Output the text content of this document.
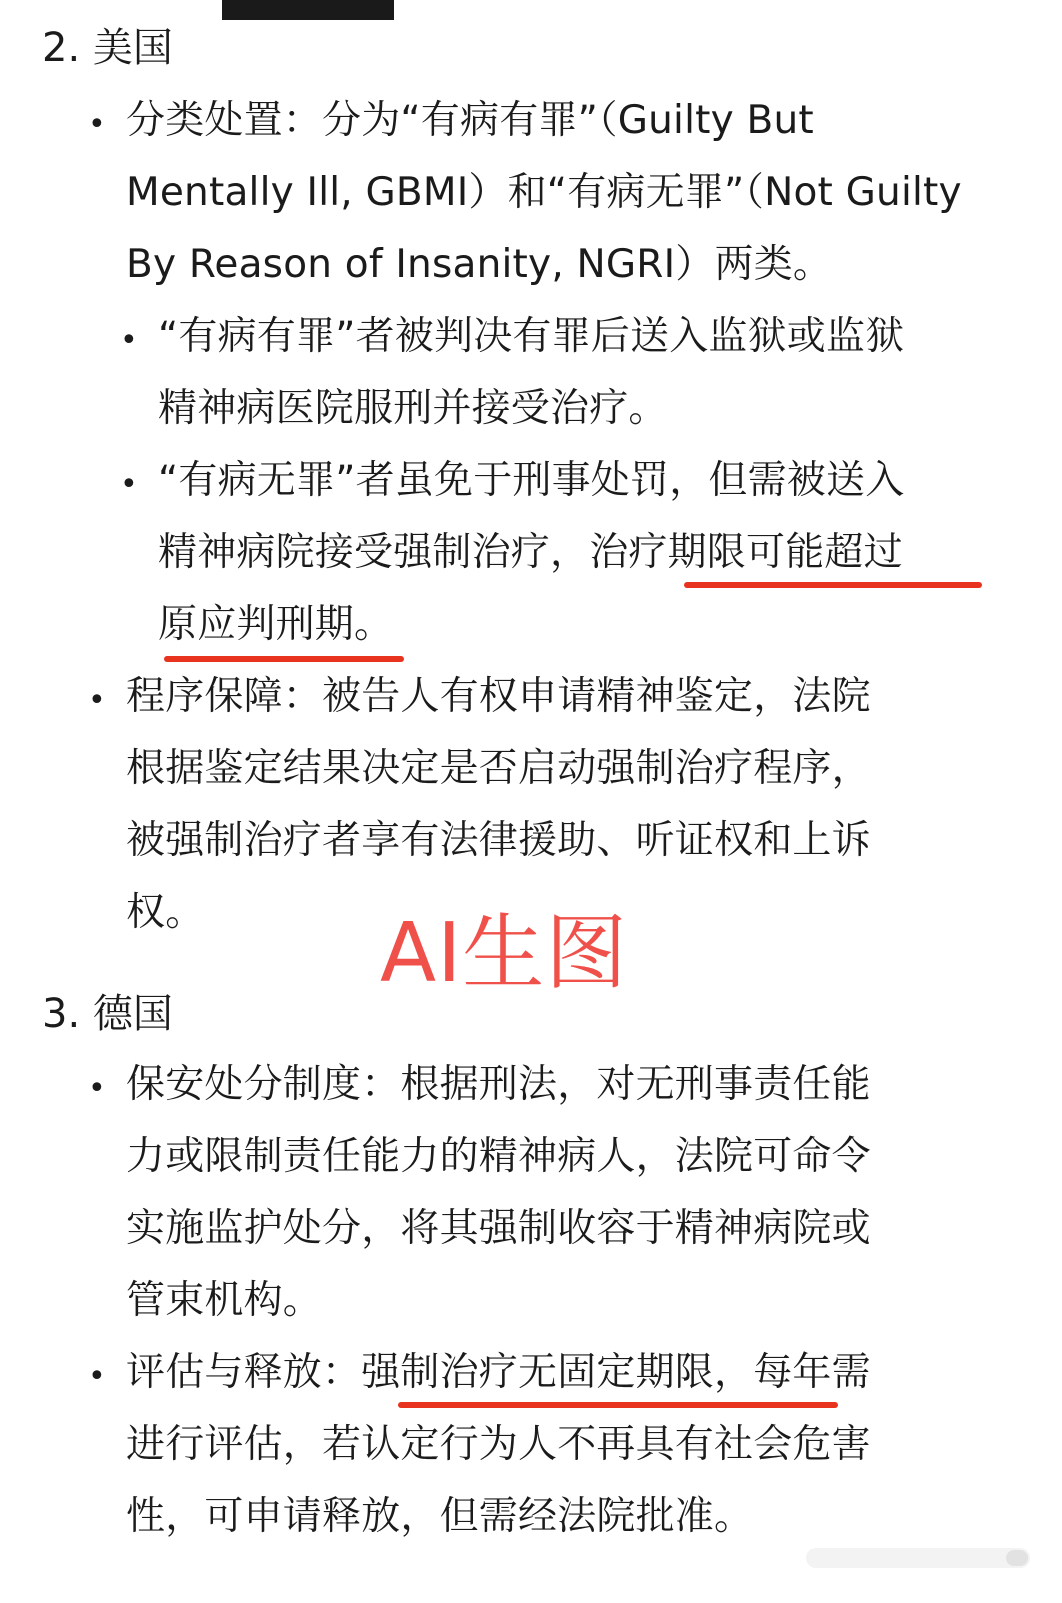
2. 美国
• 分类处置：分为“有病有罪”（Guilty But
Mentally Ill, GBMI）和“有病无罪”（Not Guilty
By Reason of Insanity, NGRI）两类。
• “有病有罪”者被判决有罪后送入监狱或监狱
精神病医院服刑并接受治疗。
• “有病无罪”者虽免于刑事处罚，但需被送入
精神病院接受强制治疗，治疗期限可能超过
原应判刑期。
• 程序保障：被告人有权申请精神鉴定，法院
根据鉴定结果决定是否启动强制治疗程序，
被强制治疗者享有法律援助、听证权和上诉
权。 AI生图
3. 德国
• 保安处分制度：根据刑法，对无刑事责任能
力或限制责任能力的精神病人，法院可命令
实施监护处分，将其强制收容于精神病院或
管束机构。
• 评估与释放：强制治疗无固定期限，每年需
进行评估，若认定行为人不再具有社会危害
性，可申请释放，但需经法院批准。
